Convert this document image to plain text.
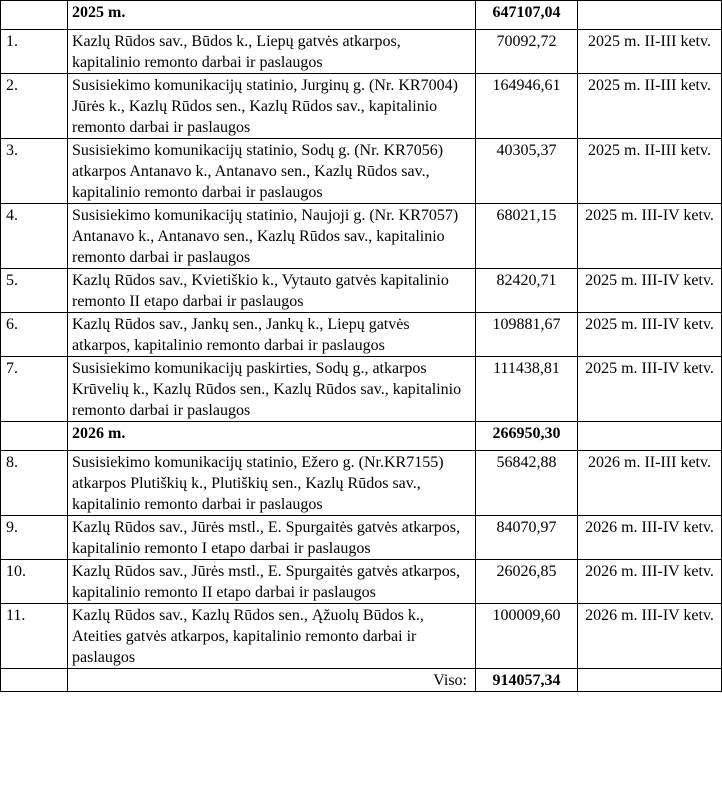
	2025 m.	647107,04	
1.	Kazlų Rūdos sav., Būdos k., Liepų gatvės atkarpos, kapitalinio remonto darbai ir paslaugos	70092,72	2025 m. II-III ketv.
2.	Susisiekimo komunikacijų statinio, Jurginų g. (Nr. KR7004) Jūrės k., Kazlų Rūdos sen., Kazlų Rūdos sav., kapitalinio remonto darbai ir paslaugos	164946,61	2025 m. II-III ketv.
3.	Susisiekimo komunikacijų statinio, Sodų g. (Nr. KR7056) atkarpos Antanavo k., Antanavo sen., Kazlų Rūdos sav., kapitalinio remonto darbai ir paslaugos	40305,37	2025 m. II-III ketv.
4.	Susisiekimo komunikacijų statinio, Naujoji g. (Nr. KR7057) Antanavo k., Antanavo sen., Kazlų Rūdos sav., kapitalinio remonto darbai ir paslaugos	68021,15	2025 m. III-IV ketv.
5.	Kazlų Rūdos sav., Kvietiškio k., Vytauto gatvės kapitalinio remonto II etapo darbai ir paslaugos	82420,71	2025 m. III-IV ketv.
6.	Kazlų Rūdos sav., Jankų sen., Jankų k., Liepų gatvės atkarpos, kapitalinio remonto darbai ir paslaugos	109881,67	2025 m. III-IV ketv.
7.	Susisiekimo komunikacijų paskirties, Sodų g., atkarpos Krūvelių k., Kazlų Rūdos sen., Kazlų Rūdos sav., kapitalinio remonto darbai ir paslaugos	111438,81	2025 m. III-IV ketv.
	2026 m.	266950,30	
8.	Susisiekimo komunikacijų statinio, Ežero g. (Nr.KR7155) atkarpos Plutiškių k., Plutiškių sen., Kazlų Rūdos sav., kapitalinio remonto darbai ir paslaugos	56842,88	2026 m. II-III ketv.
9.	Kazlų Rūdos sav., Jūrės mstl., E. Spurgaitės gatvės atkarpos, kapitalinio remonto I etapo darbai ir paslaugos	84070,97	2026 m. III-IV ketv.
10.	Kazlų Rūdos sav., Jūrės mstl., E. Spurgaitės gatvės atkarpos, kapitalinio remonto II etapo darbai ir paslaugos	26026,85	2026 m. III-IV ketv.
11.	Kazlų Rūdos sav., Kazlų Rūdos sen., Ąžuolų Būdos k., Ateities gatvės atkarpos, kapitalinio remonto darbai ir paslaugos	100009,60	2026 m. III-IV ketv.
	Viso:	914057,34	
